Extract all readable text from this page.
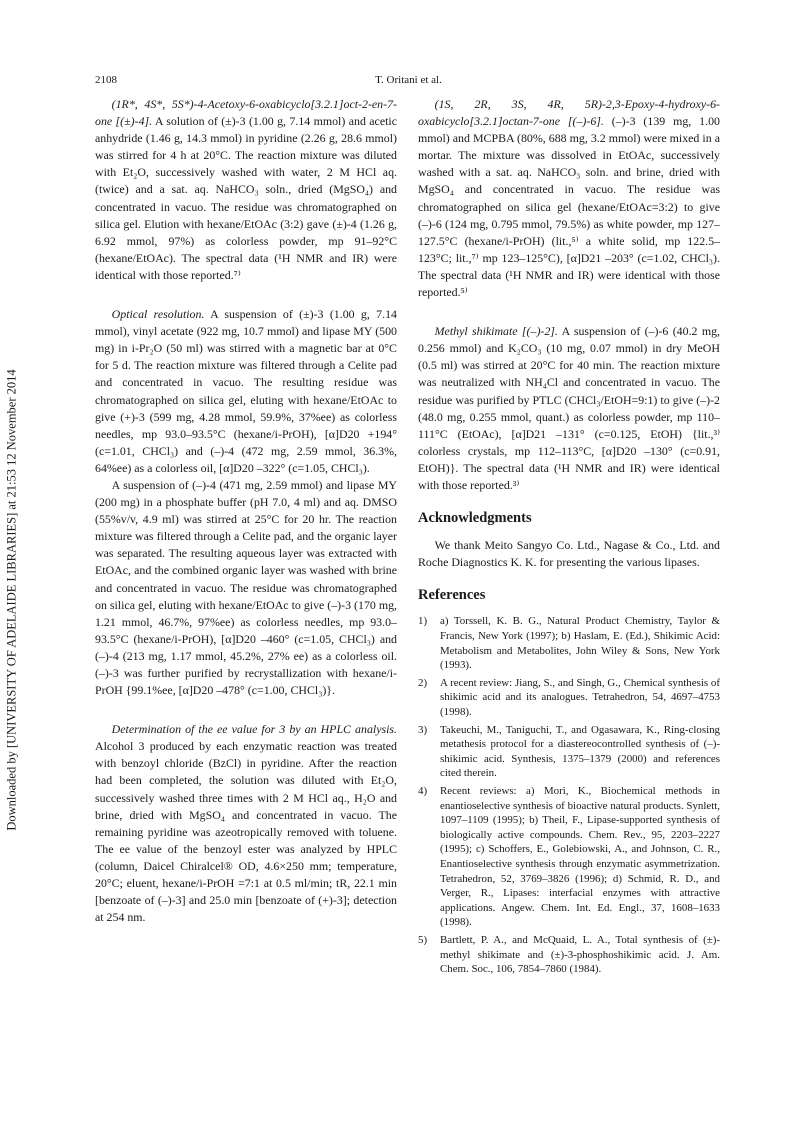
Downloaded by [UNIVERSITY OF ADELAIDE LIBRARIES] at 21:53 12 November 2014
2108	T. Oritani et al.

(1R*, 4S*, 5S*)-4-Acetoxy-6-oxabicyclo[3.2.1]oct-2-en-7-one [(±)-4]. A solution of (±)-3 (1.00 g, 7.14 mmol) and acetic anhydride (1.46 g, 14.3 mmol) in pyridine (2.26 g, 28.6 mmol) was stirred for 4 h at 20°C. The reaction mixture was diluted with Et₂O, successively washed with water, 2 M HCl aq. (twice) and a sat. aq. NaHCO₃ soln., dried (MgSO₄) and concentrated in vacuo. The residue was chromatographed on silica gel. Elution with hexane/EtOAc (3:2) gave (±)-4 (1.26 g, 6.92 mmol, 97%) as colorless powder, mp 91–92°C (hexane/EtOAc). The spectral data (¹H NMR and IR) were identical with those reported.⁷⁾

Optical resolution. A suspension of (±)-3 (1.00 g, 7.14 mmol), vinyl acetate (922 mg, 10.7 mmol) and lipase MY (500 mg) in i-Pr₂O (50 ml) was stirred with a magnetic bar at 0°C for 5 d. The reaction mixture was filtered through a Celite pad and concentrated in vacuo. The resulting residue was chromatographed on silica gel, eluting with hexane/EtOAc to give (+)-3 (599 mg, 4.28 mmol, 59.9%, 37%ee) as colorless needles, mp 93.0–93.5°C (hexane/i-PrOH), [α]D20 +194° (c=1.01, CHCl₃) and (–)-4 (472 mg, 2.59 mmol, 36.3%, 64%ee) as a colorless oil, [α]D20 –322° (c=1.05, CHCl₃).

A suspension of (–)-4 (471 mg, 2.59 mmol) and lipase MY (200 mg) in a phosphate buffer (pH 7.0, 4 ml) and aq. DMSO (55%v/v, 4.9 ml) was stirred at 25°C for 20 hr. The reaction mixture was filtered through a Celite pad, and the organic layer was separated. The resulting aqueous layer was extracted with EtOAc, and the combined organic layer was washed with brine and concentrated in vacuo. The residue was chromatographed on silica gel, eluting with hexane/EtOAc to give (–)-3 (170 mg, 1.21 mmol, 46.7%, 97%ee) as colorless needles, mp 93.0–93.5°C (hexane/i-PrOH), [α]D20 –460° (c=1.05, CHCl₃) and (–)-4 (213 mg, 1.17 mmol, 45.2%, 27% ee) as a colorless oil. (–)-3 was further purified by recrystallization with hexane/i-PrOH {99.1%ee, [α]D20 –478° (c=1.00, CHCl₃)}.

Determination of the ee value for 3 by an HPLC analysis. Alcohol 3 produced by each enzymatic reaction was treated with benzoyl chloride (BzCl) in pyridine. After the reaction had been completed, the solution was diluted with Et₂O, successively washed three times with 2 M HCl aq., H₂O and brine, dried with MgSO₄ and concentrated in vacuo. The remaining pyridine was azeotropically removed with toluene. The ee value of the benzoyl ester was analyzed by HPLC (column, Daicel Chiralcel® OD, 4.6×250 mm; temperature, 20°C; eluent, hexane/i-PrOH =7:1 at 0.5 ml/min; tR, 22.1 min [benzoate of (–)-3] and 25.0 min [benzoate of (+)-3]; detection at 254 nm.

(1S, 2R, 3S, 4R, 5R)-2,3-Epoxy-4-hydroxy-6-oxabicyclo[3.2.1]octan-7-one [(–)-6]. (–)-3 (139 mg, 1.00 mmol) and MCPBA (80%, 688 mg, 3.2 mmol) were mixed in a mortar. The mixture was dissolved in EtOAc, successively washed with a sat. aq. NaHCO₃ soln. and brine, dried with MgSO₄ and concentrated in vacuo. The residue was chromatographed on silica gel (hexane/EtOAc=3:2) to give (–)-6 (124 mg, 0.795 mmol, 79.5%) as white powder, mp 127–127.5°C (hexane/i-PrOH) (lit.,⁵⁾ a white solid, mp 122.5–123°C; lit.,⁷⁾ mp 123–125°C), [α]D21 –203° (c=1.02, CHCl₃). The spectral data (¹H NMR and IR) were identical with those reported.⁵⁾

Methyl shikimate [(–)-2]. A suspension of (–)-6 (40.2 mg, 0.256 mmol) and K₂CO₃ (10 mg, 0.07 mmol) in dry MeOH (0.5 ml) was stirred at 20°C for 40 min. The reaction mixture was neutralized with NH₄Cl and concentrated in vacuo. The residue was purified by PTLC (CHCl₃/EtOH=9:1) to give (–)-2 (48.0 mg, 0.255 mmol, quant.) as colorless powder, mp 110–111°C (EtOAc), [α]D21 –131° (c=0.125, EtOH) {lit.,³⁾ colorless crystals, mp 112–113°C, [α]D20 –130° (c=0.91, EtOH)}. The spectral data (¹H NMR and IR) were identical with those reported.³⁾

Acknowledgments

We thank Meito Sangyo Co. Ltd., Nagase & Co., Ltd. and Roche Diagnostics K. K. for presenting the various lipases.

References
1)	a) Torssell, K. B. G., Natural Product Chemistry, Taylor & Francis, New York (1997); b) Haslam, E. (Ed.), Shikimic Acid: Metabolism and Metabolites, John Wiley & Sons, New York (1993).
2)	A recent review: Jiang, S., and Singh, G., Chemical synthesis of shikimic acid and its analogues. Tetrahedron, 54, 4697–4753 (1998).
3)	Takeuchi, M., Taniguchi, T., and Ogasawara, K., Ring-closing metathesis protocol for a diastereocontrolled synthesis of (–)-shikimic acid. Synthesis, 1375–1379 (2000) and references cited therein.
4)	Recent reviews: a) Mori, K., Biochemical methods in enantioselective synthesis of bioactive natural products. Synlett, 1097–1109 (1995); b) Theil, F., Lipase-supported synthesis of biologically active compounds. Chem. Rev., 95, 2203–2227 (1995); c) Schoffers, E., Golebiowski, A., and Johnson, C. R., Enantioselective synthesis through enzymatic asymmetrization. Tetrahedron, 52, 3769–3826 (1996); d) Schmid, R. D., and Verger, R., Lipases: interfacial enzymes with attractive applications. Angew. Chem. Int. Ed. Engl., 37, 1608–1633 (1998).
5)	Bartlett, P. A., and McQuaid, L. A., Total synthesis of (±)-methyl shikimate and (±)-3-phosphoshikimic acid. J. Am. Chem. Soc., 106, 7854–7860 (1984).
